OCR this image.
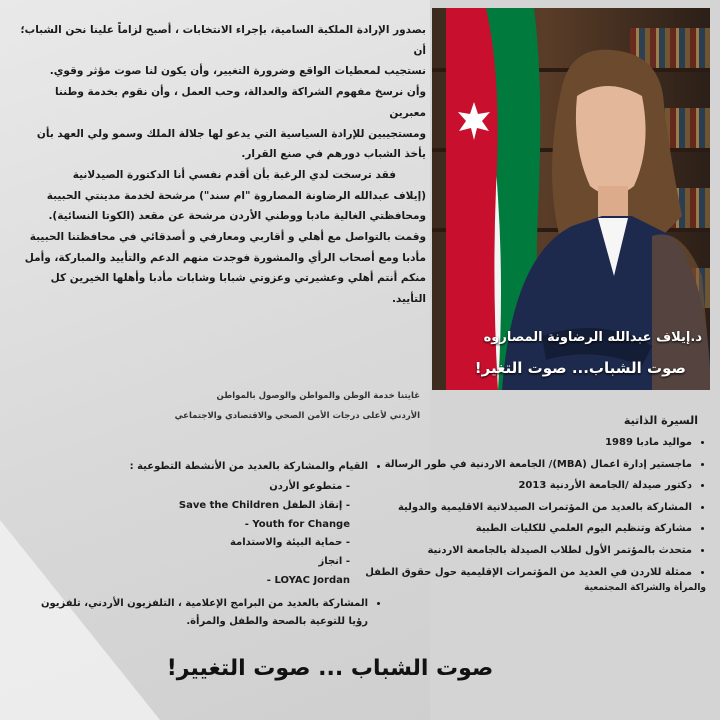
بصدور الإرادة الملكية السامية، بإجراء الانتخابات ، أصبح لزاماً علينا نحن الشباب؛ أن

نستجيب لمعطيات الواقع وضرورة التغيير، وأن يكون لنا صوت مؤثر وقوي.

وأن نرسخ مفهوم الشراكة والعدالة، وحب العمل ، وأن نقوم بخدمة وطننا معبرين

ومستجيبين للإرادة السياسية التي يدعو لها جلالة الملك وسمو ولي العهد بأن

يأخذ الشباب دورهم في صنع القرار.

فقد ترسخت لدي الرغبة بأن أقدم نفسي أنا الدكتورة الصيدلانية

(إيلاف عبدالله الرضاونة المصاروة "ام سند") مرشحة لخدمة مدينتي الحبيبة

ومحافظتي الغالية مادبا ووطني الأردن مرشحة عن مقعد (الكوتا النسائية).

وقمت بالتواصل مع أهلي و أقاربي ومعارفي و أصدقائي في محافظتنا الحبيبة

مأدبا ومع أصحاب الرأي والمشورة فوجدت منهم الدعم والتأييد والمباركة، وأمل

منكم أنتم أهلي وعشيرتي وعزوتي شبابا وشابات مأدبا وأهلها الخيرين كل

التأييد.

د.إيلاف عبدالله الرضاونة المصاروه
صوت الشباب... صوت التغير!

غايتنا خدمة الوطن والمواطن والوصول بالمواطن

الأردني لأعلى درجات الأمن الصحي والاقتصادي والاجتماعي	السيرة الذاتية
• مواليد مادبا 1989
• ماجستير إدارة اعمال (MBA)/ الجامعة الاردنية في طور الرسالة
• دكتور صيدلة /الجامعة الأردنية 2013
• المشاركة بالعديد من المؤتمرات الصيدلانية الاقليمية والدولية
• مشاركة وتنظيم اليوم العلمي للكليات الطبية
• متحدث بالمؤتمر الأول لطلاب الصيدلة بالجامعة الاردنية
• ممثلة للاردن في العديد من المؤتمرات الإقليمية حول حقوق الطفل
والمرأة والشراكة المجتمعية
• القيام والمشاركة بالعديد من الأنشطة التطوعية :
- متطوعو الأردن
- إنقاذ الطفل Save the Children
- Youth for Change
- حماية البيئة والاستدامة
- انجاز
- LOYAC Jordan
• المشاركة بالعديد من البرامج الإعلامية ، التلفزيون الأردني، تلفزيون رؤيا للتوعية بالصحة والطفل والمرأة.
صوت الشباب ... صوت التغيير!
